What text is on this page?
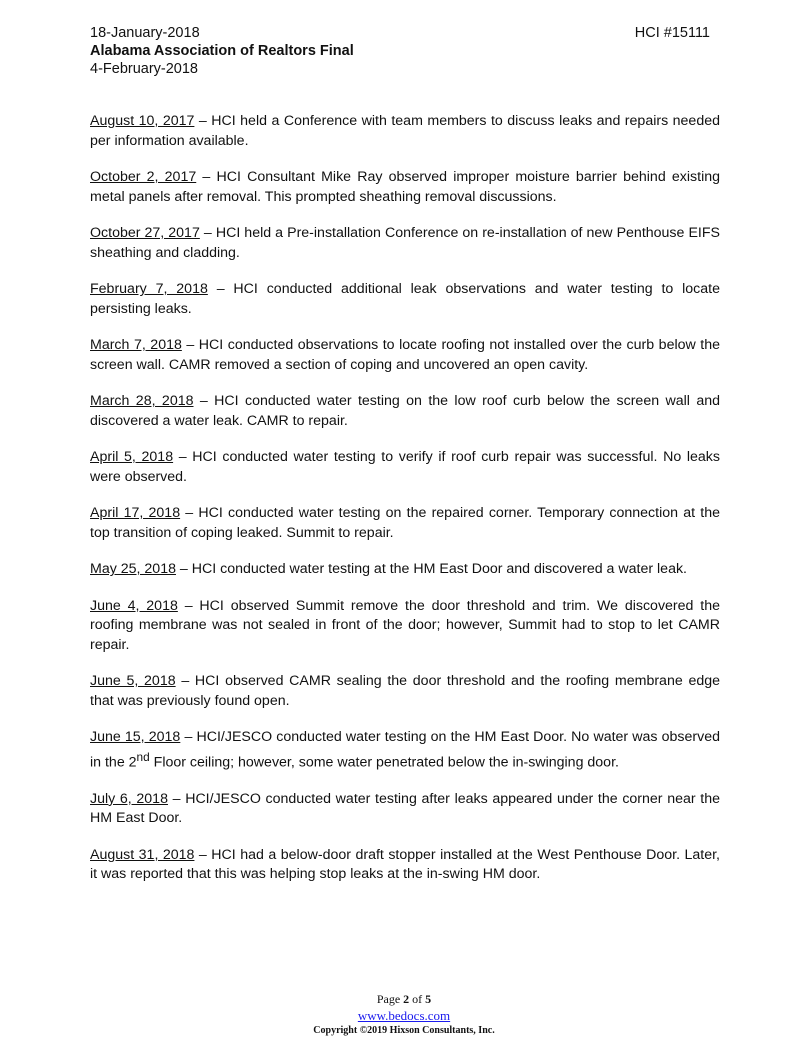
18-January-2018	HCI #15111
Alabama Association of Realtors Final
4-February-2018

August 10, 2017 – HCI held a Conference with team members to discuss leaks and repairs needed per information available.

October 2, 2017 – HCI Consultant Mike Ray observed improper moisture barrier behind existing metal panels after removal. This prompted sheathing removal discussions.

October 27, 2017 – HCI held a Pre-installation Conference on re-installation of new Penthouse EIFS sheathing and cladding.

February 7, 2018 – HCI conducted additional leak observations and water testing to locate persisting leaks.

March 7, 2018 – HCI conducted observations to locate roofing not installed over the curb below the screen wall. CAMR removed a section of coping and uncovered an open cavity.

March 28, 2018 – HCI conducted water testing on the low roof curb below the screen wall and discovered a water leak. CAMR to repair.

April 5, 2018 – HCI conducted water testing to verify if roof curb repair was successful. No leaks were observed.

April 17, 2018 – HCI conducted water testing on the repaired corner. Temporary connection at the top transition of coping leaked. Summit to repair.

May 25, 2018 – HCI conducted water testing at the HM East Door and discovered a water leak.

June 4, 2018 – HCI observed Summit remove the door threshold and trim. We discovered the roofing membrane was not sealed in front of the door; however, Summit had to stop to let CAMR repair.

June 5, 2018 – HCI observed CAMR sealing the door threshold and the roofing membrane edge that was previously found open.

June 15, 2018 – HCI/JESCO conducted water testing on the HM East Door. No water was observed in the 2nd Floor ceiling; however, some water penetrated below the in-swinging door.

July 6, 2018 – HCI/JESCO conducted water testing after leaks appeared under the corner near the HM East Door.

August 31, 2018 – HCI had a below-door draft stopper installed at the West Penthouse Door. Later, it was reported that this was helping stop leaks at the in-swing HM door.

Page 2 of 5
www.bedocs.com
Copyright ©2019 Hixson Consultants, Inc.
